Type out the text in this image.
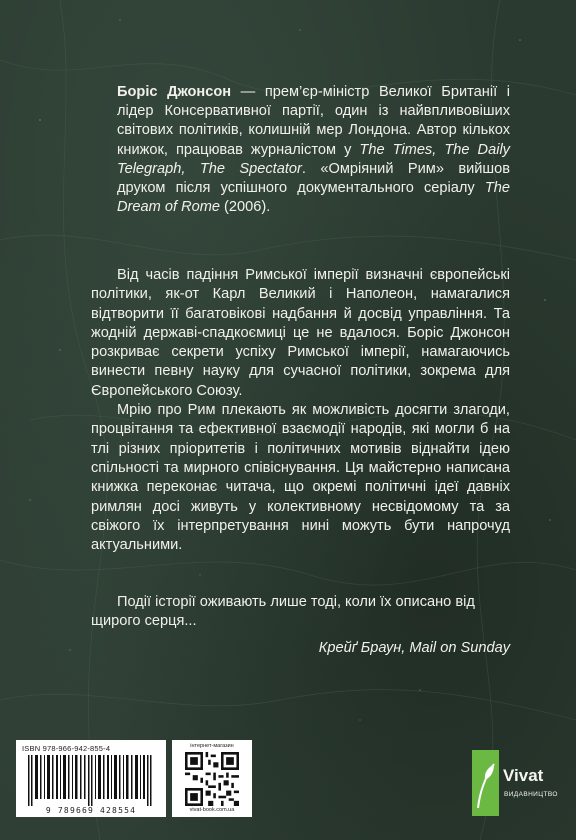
Боріс Джонсон — прем’єр-міністр Великої Британії і лідер Консервативної партії, один із найвпливовіших світових політиків, колишній мер Лондона. Автор кількох книжок, працював журналістом у The Times, The Daily Telegraph, The Spectator. «Омріяний Рим» вийшов друком після успішного документального серіалу The Dream of Rome (2006).

Від часів падіння Римської імперії визначні європейські політики, як-от Карл Великий і Наполеон, намагалися відтворити її багатовікові надбання й досвід управління. Та жодній державі-спадкоємиці це не вдалося. Боріс Джонсон розкриває секрети успіху Римської імперії, намагаючись винести певну науку для сучасної політики, зокрема для Європейського Союзу.

Мрію про Рим плекають як можливість досягти злагоди, процвітання та ефективної взаємодії народів, які могли б на тлі різних пріоритетів і політичних мотивів віднайти ідею спільності та мирного співіснування. Ця майстерно написана книжка переконає читача, що окремі політичні ідеї давніх римлян досі живуть у колективному несвідомому та за свіжого їх інтерпретування нині можуть бути напрочуд актуальними.

Події історії оживають лише тоді, коли їх описано від щирого серця...

Крейґ Браун, Mail on Sunday

ISBN 978-966-942-855-4
9 789669 428554
інтернет-магазин
vivat-book.com.ua
Vivat
ВИДАВНИЦТВО
